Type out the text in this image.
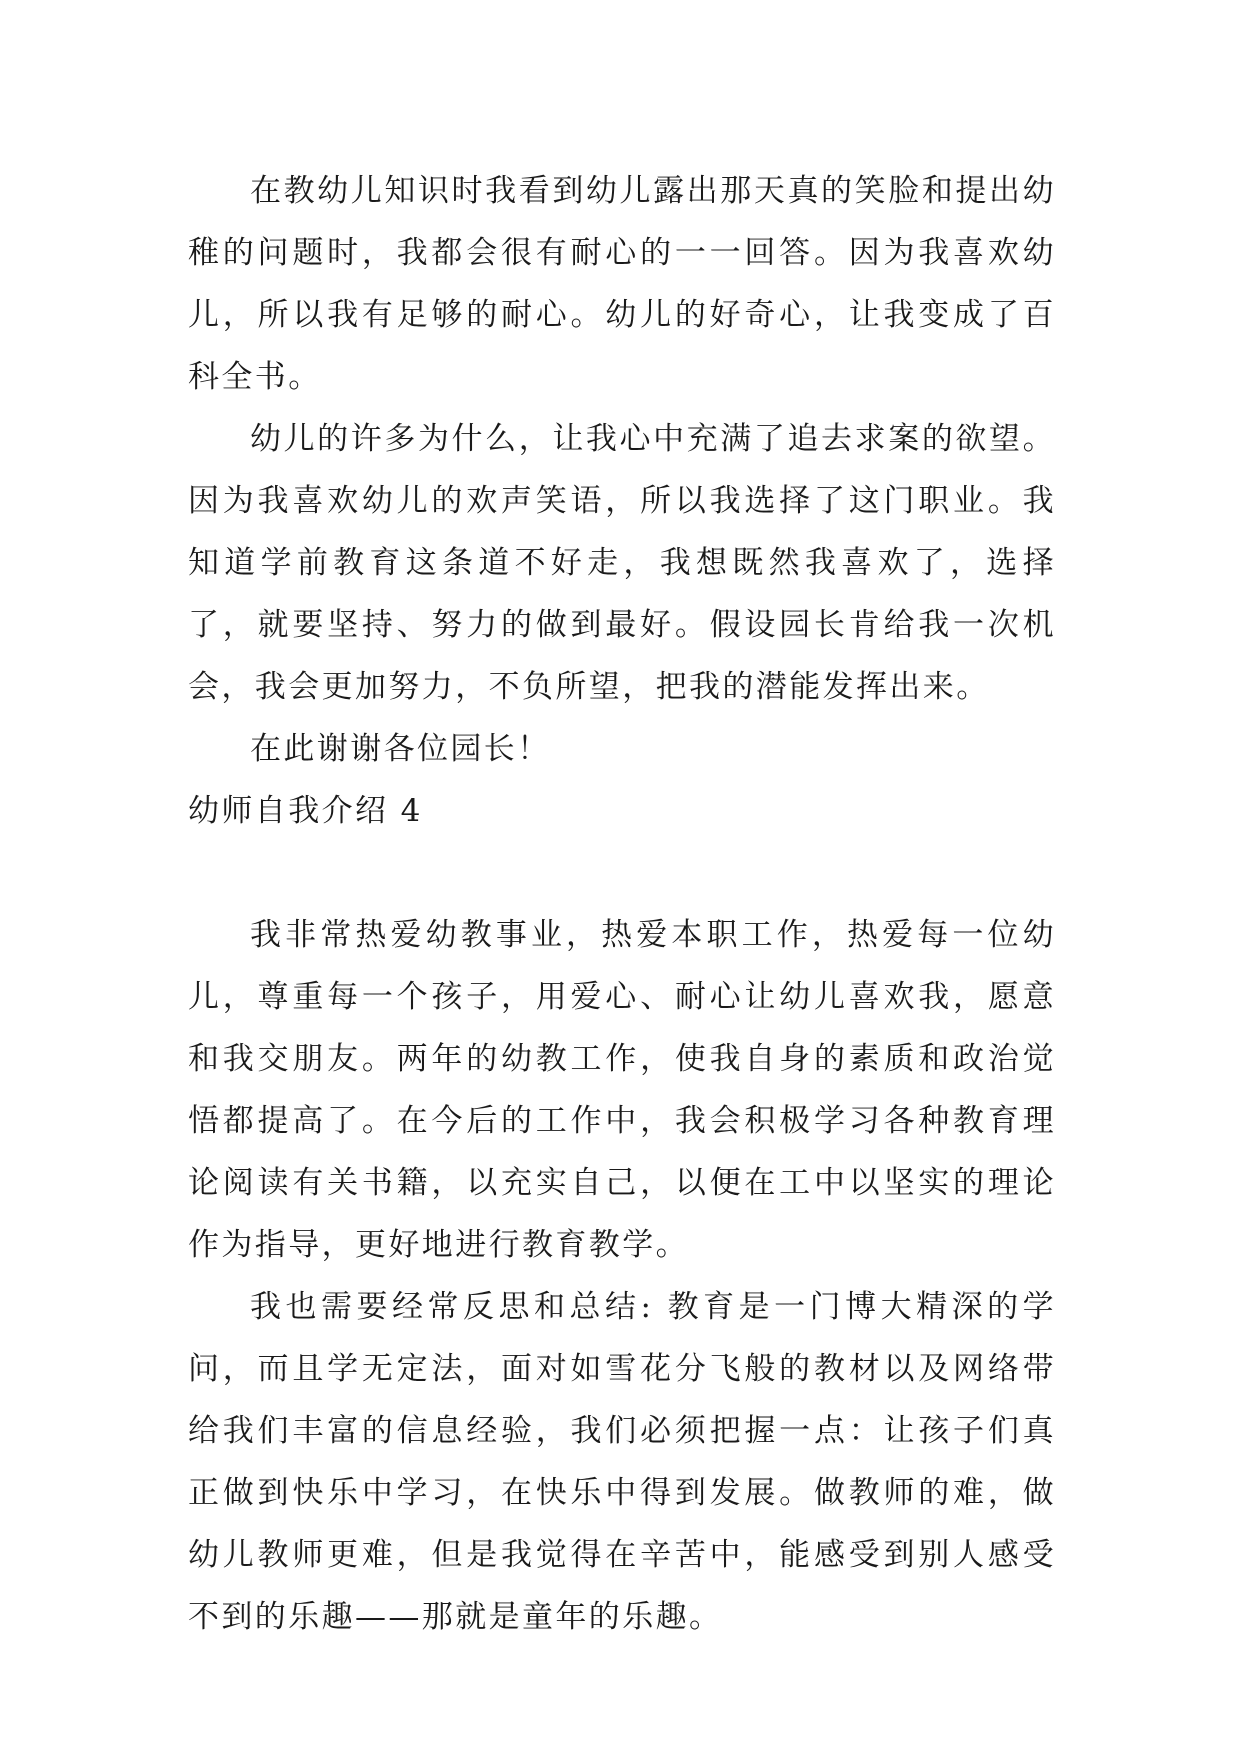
在教幼儿知识时我看到幼儿露出那天真的笑脸和提出幼稚的问题时，我都会很有耐心的一一回答。因为我喜欢幼儿，所以我有足够的耐心。幼儿的好奇心，让我变成了百科全书。

幼儿的许多为什么，让我心中充满了追去求案的欲望。因为我喜欢幼儿的欢声笑语，所以我选择了这门职业。我知道学前教育这条道不好走，我想既然我喜欢了，选择了，就要坚持、努力的做到最好。假设园长肯给我一次机会，我会更加努力，不负所望，把我的潜能发挥出来。

在此谢谢各位园长！

幼师自我介绍 4

我非常热爱幼教事业，热爱本职工作，热爱每一位幼儿，尊重每一个孩子，用爱心、耐心让幼儿喜欢我，愿意和我交朋友。两年的幼教工作，使我自身的素质和政治觉悟都提高了。在今后的工作中，我会积极学习各种教育理论阅读有关书籍，以充实自己，以便在工中以坚实的理论作为指导，更好地进行教育教学。

我也需要经常反思和总结: 教育是一门博大精深的学问，而且学无定法，面对如雪花分飞般的教材以及网络带给我们丰富的信息经验，我们必须把握一点：让孩子们真正做到快乐中学习，在快乐中得到发展。做教师的难，做幼儿教师更难，但是我觉得在辛苦中，能感受到别人感受不到的乐趣——那就是童年的乐趣。
